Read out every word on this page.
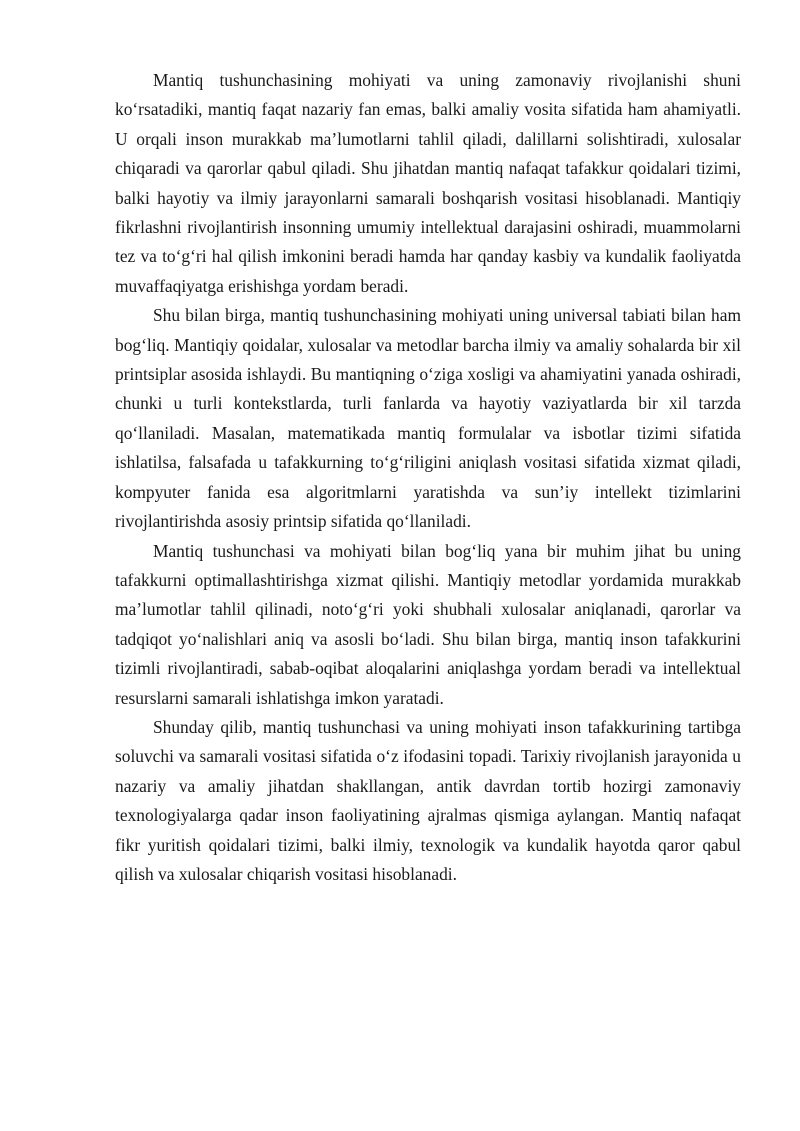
Mantiq tushunchasining mohiyati va uning zamonaviy rivojlanishi shuni ko‘rsatadiki, mantiq faqat nazariy fan emas, balki amaliy vosita sifatida ham ahamiyatli. U orqali inson murakkab ma’lumotlarni tahlil qiladi, dalillarni solishtiradi, xulosalar chiqaradi va qarorlar qabul qiladi. Shu jihatdan mantiq nafaqat tafakkur qoidalari tizimi, balki hayotiy va ilmiy jarayonlarni samarali boshqarish vositasi hisoblanadi. Mantiqiy fikrlashni rivojlantirish insonning umumiy intellektual darajasini oshiradi, muammolarni tez va to‘g‘ri hal qilish imkonini beradi hamda har qanday kasbiy va kundalik faoliyatda muvaffaqiyatga erishishga yordam beradi.

Shu bilan birga, mantiq tushunchasining mohiyati uning universal tabiati bilan ham bog‘liq. Mantiqiy qoidalar, xulosalar va metodlar barcha ilmiy va amaliy sohalarda bir xil printsiplar asosida ishlaydi. Bu mantiqning o‘ziga xosligi va ahamiyatini yanada oshiradi, chunki u turli kontekstlarda, turli fanlarda va hayotiy vaziyatlarda bir xil tarzda qo‘llaniladi. Masalan, matematikada mantiq formulalar va isbotlar tizimi sifatida ishlatilsa, falsafada u tafakkurning to‘g‘riligini aniqlash vositasi sifatida xizmat qiladi, kompyuter fanida esa algoritmlarni yaratishda va sun’iy intellekt tizimlarini rivojlantirishda asosiy printsip sifatida qo‘llaniladi.

Mantiq tushunchasi va mohiyati bilan bog‘liq yana bir muhim jihat bu uning tafakkurni optimallashtirishga xizmat qilishi. Mantiqiy metodlar yordamida murakkab ma’lumotlar tahlil qilinadi, noto‘g‘ri yoki shubhali xulosalar aniqlanadi, qarorlar va tadqiqot yo‘nalishlari aniq va asosli bo‘ladi. Shu bilan birga, mantiq inson tafakkurini tizimli rivojlantiradi, sabab-oqibat aloqalarini aniqlashga yordam beradi va intellektual resurslarni samarali ishlatishga imkon yaratadi.

Shunday qilib, mantiq tushunchasi va uning mohiyati inson tafakkurining tartibga soluvchi va samarali vositasi sifatida o‘z ifodasini topadi. Tarixiy rivojlanish jarayonida u nazariy va amaliy jihatdan shakllangan, antik davrdan tortib hozirgi zamonaviy texnologiyalarga qadar inson faoliyatining ajralmas qismiga aylangan. Mantiq nafaqat fikr yuritish qoidalari tizimi, balki ilmiy, texnologik va kundalik hayotda qaror qabul qilish va xulosalar chiqarish vositasi hisoblanadi.
